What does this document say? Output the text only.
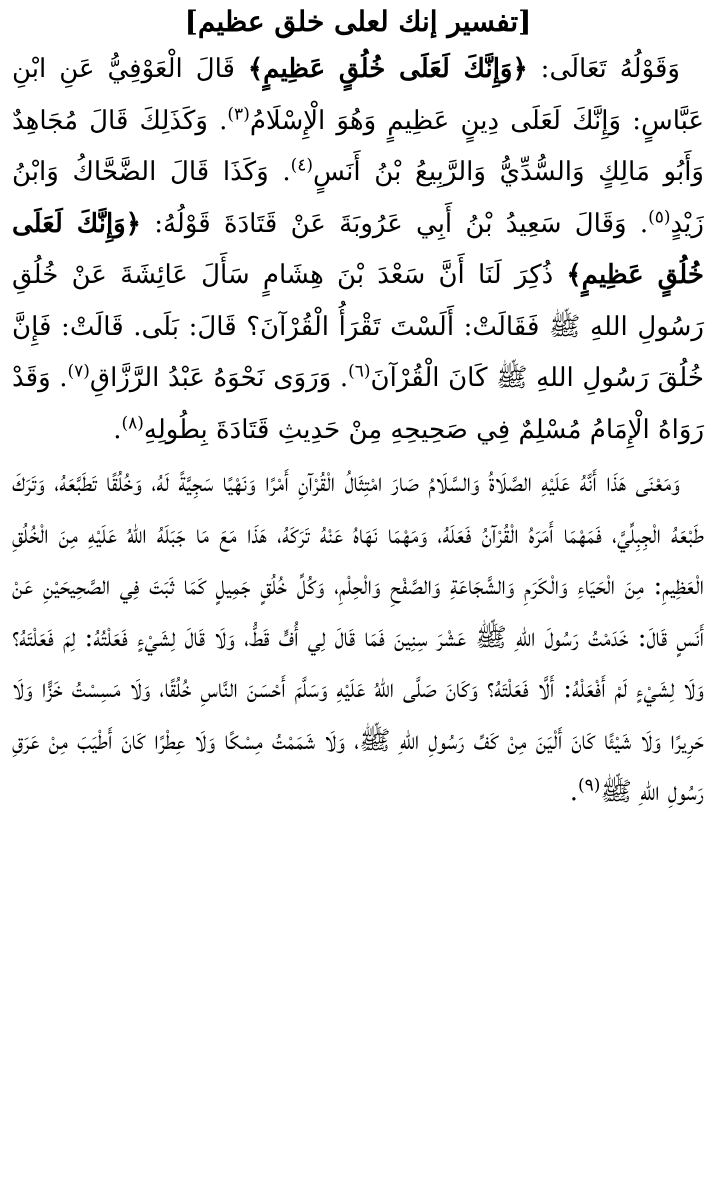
[تفسير إنك لعلى خلق عظيم]

وَقَوْلُهُ تَعَالَى: ﴿وَإِنَّكَ لَعَلَى خُلُقٍ عَظِيمٍ﴾ قَالَ الْعَوْفِيُّ عَنِ ابْنِ عَبَّاسٍ: وَإِنَّكَ لَعَلَى دِينٍ عَظِيمٍ وَهُوَ الْإِسْلَامُ$^{(٣)}$. وَكَذَلِكَ قَالَ مُجَاهِدٌ وَأَبُو مَالِكٍ وَالسُّدِّيُّ وَالرَّبِيعُ بْنُ أَنَسٍ$^{(٤)}$. وَكَذَا قَالَ الضَّحَّاكُ وَابْنُ زَيْدٍ$^{(٥)}$. وَقَالَ سَعِيدُ بْنُ أَبِي عَرُوبَةَ عَنْ قَتَادَةَ قَوْلُهُ: ﴿وَإِنَّكَ لَعَلَى خُلُقٍ عَظِيمٍ﴾ ذُكِرَ لَنَا أَنَّ سَعْدَ بْنَ هِشَامٍ سَأَلَ عَائِشَةَ عَنْ خُلُقِ رَسُولِ اللهِ ﷺ فَقَالَتْ: أَلَسْتَ تَقْرَأُ الْقُرْآنَ؟ قَالَ: بَلَى. قَالَتْ: فَإِنَّ خُلُقَ رَسُولِ اللهِ ﷺ كَانَ الْقُرْآنَ$^{(٦)}$. وَرَوَى نَحْوَهُ عَبْدُ الرَّزَّاقِ$^{(٧)}$. وَقَدْ رَوَاهُ الْإِمَامُ مُسْلِمٌ فِي صَحِيحِهِ مِنْ حَدِيثِ قَتَادَةَ بِطُولِهِ$^{(٨)}$.

وَمَعْنَى هَذَا أَنَّهُ عَلَيْهِ الصَّلَاةُ وَالسَّلَامُ صَارَ امْتِثَالُ الْقُرْآنِ أَمْرًا وَنَهْيًا سَجِيَّةً لَهُ، وَخُلُقًا تَطَبَّعَهُ، وَتَرَكَ طَبْعَهُ الْجِبِلِّيَّ، فَمَهْمَا أَمَرَهُ الْقُرْآنُ فَعَلَهُ، وَمَهْمَا نَهَاهُ عَنْهُ تَرَكَهُ، هَذَا مَعَ مَا جَبَلَهُ اللهُ عَلَيْهِ مِنَ الْخُلُقِ الْعَظِيمِ: مِنَ الْحَيَاءِ وَالْكَرَمِ وَالشَّجَاعَةِ وَالصَّفْحِ وَالْحِلْمِ، وَكُلِّ خُلُقٍ جَمِيلٍ كَمَا ثَبَتَ فِي الصَّحِيحَيْنِ عَنْ أَنَسٍ قَالَ: خَدَمْتُ رَسُولَ اللهِ ﷺ عَشْرَ سِنِينَ فَمَا قَالَ لِي أُفٍّ قَطُّ، وَلَا قَالَ لِشَيْءٍ فَعَلْتُهُ: لِمَ فَعَلْتَهُ؟ وَلَا لِشَيْءٍ لَمْ أَفْعَلْهُ: أَلَّا فَعَلْتَهُ؟ وَكَانَ صَلَّى اللهُ عَلَيْهِ وَسَلَّمَ أَحْسَنَ النَّاسِ خُلُقًا، وَلَا مَسِسْتُ خَزًّا وَلَا حَرِيرًا وَلَا شَيْئًا كَانَ أَلْيَنَ مِنْ كَفِّ رَسُولِ اللهِ ﷺ، وَلَا شَمَمْتُ مِسْكًا وَلَا عِطْرًا كَانَ أَطْيَبَ مِنْ عَرَقِ رَسُولِ اللهِ ﷺ$^{(٩)}$.
